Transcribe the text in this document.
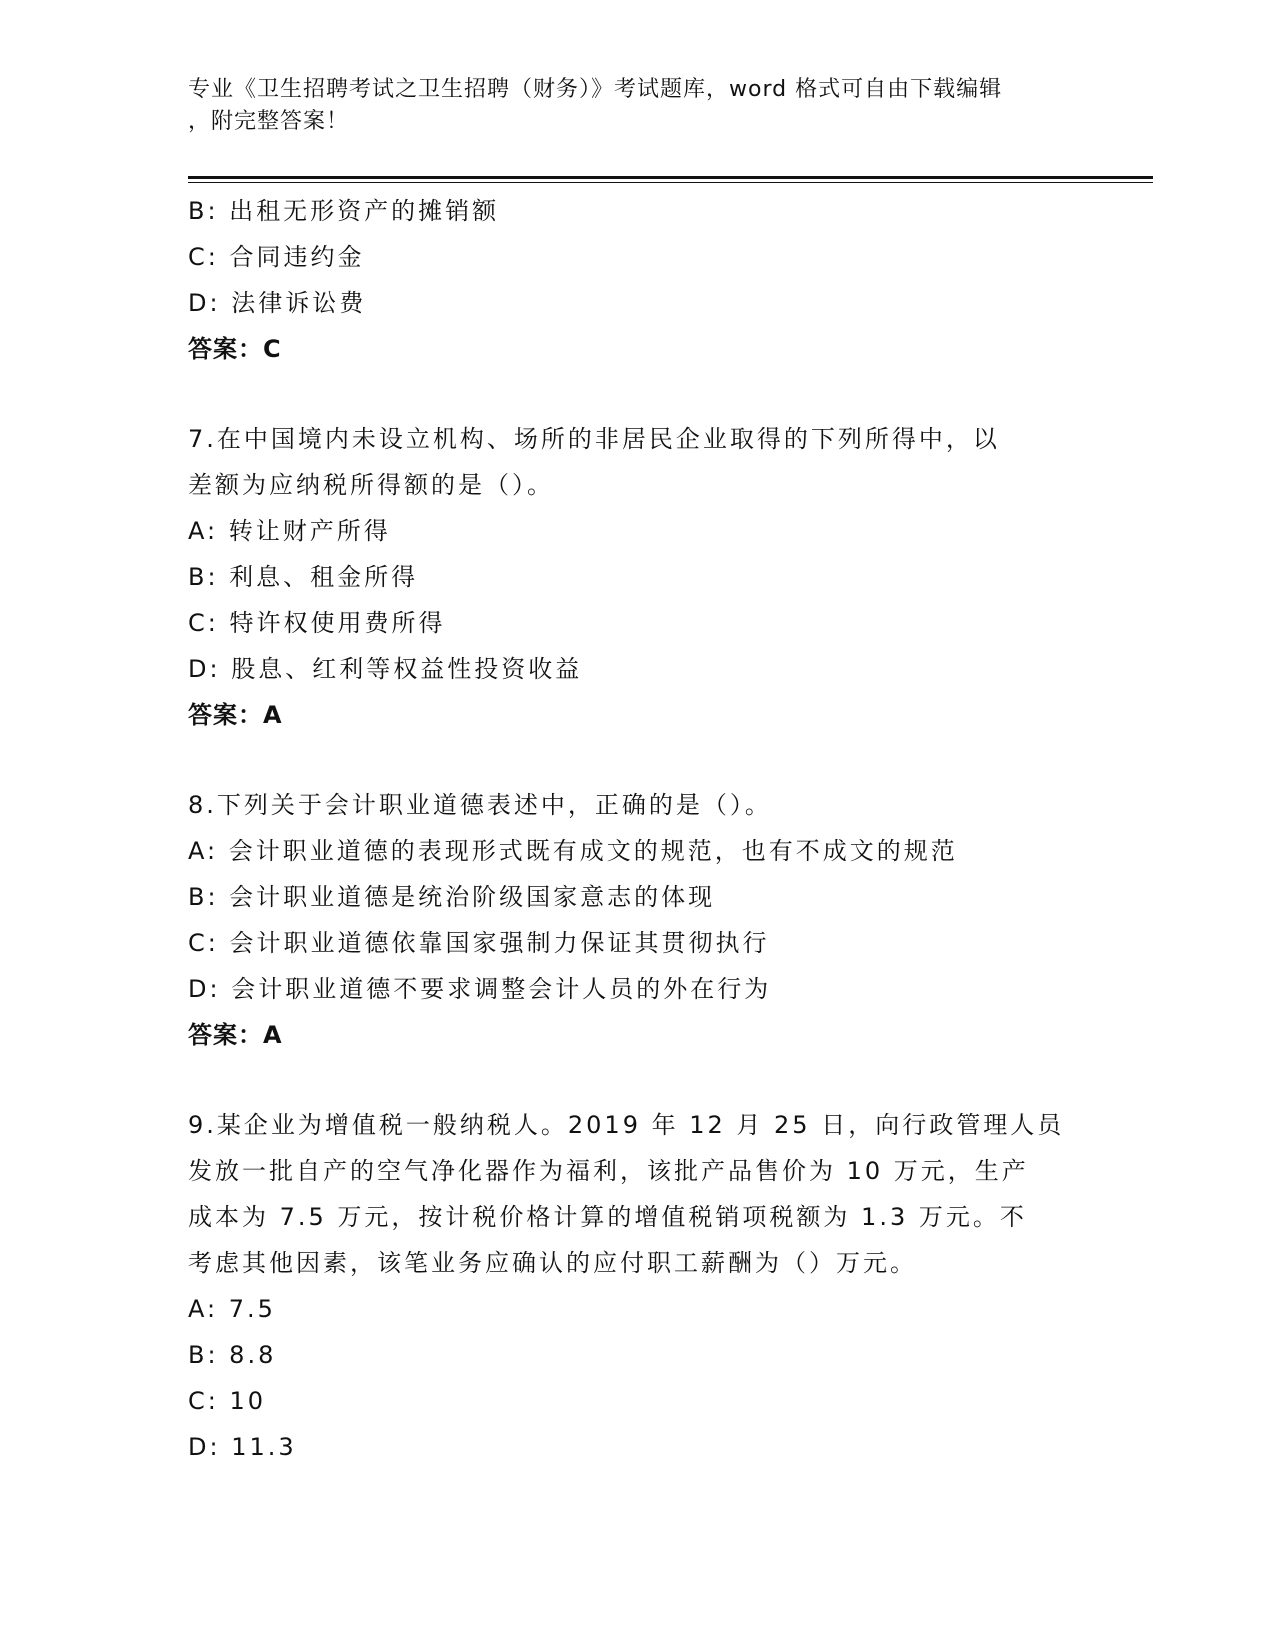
专业《卫生招聘考试之卫生招聘（财务）》考试题库，word 格式可自由下载编辑
，附完整答案！
B: 出租无形资产的摊销额
C: 合同违约金
D: 法律诉讼费
答案：C
7.在中国境内未设立机构、场所的非居民企业取得的下列所得中，以
差额为应纳税所得额的是（）。
A: 转让财产所得
B: 利息、租金所得
C: 特许权使用费所得
D: 股息、红利等权益性投资收益
答案：A
8.下列关于会计职业道德表述中，正确的是（）。
A: 会计职业道德的表现形式既有成文的规范，也有不成文的规范
B: 会计职业道德是统治阶级国家意志的体现
C: 会计职业道德依靠国家强制力保证其贯彻执行
D: 会计职业道德不要求调整会计人员的外在行为
答案：A
9.某企业为增值税一般纳税人。2019 年 12 月 25 日，向行政管理人员
发放一批自产的空气净化器作为福利，该批产品售价为 10 万元，生产
成本为 7.5 万元，按计税价格计算的增值税销项税额为 1.3 万元。不
考虑其他因素，该笔业务应确认的应付职工薪酬为（）万元。
A: 7.5
B: 8.8
C: 10
D: 11.3
